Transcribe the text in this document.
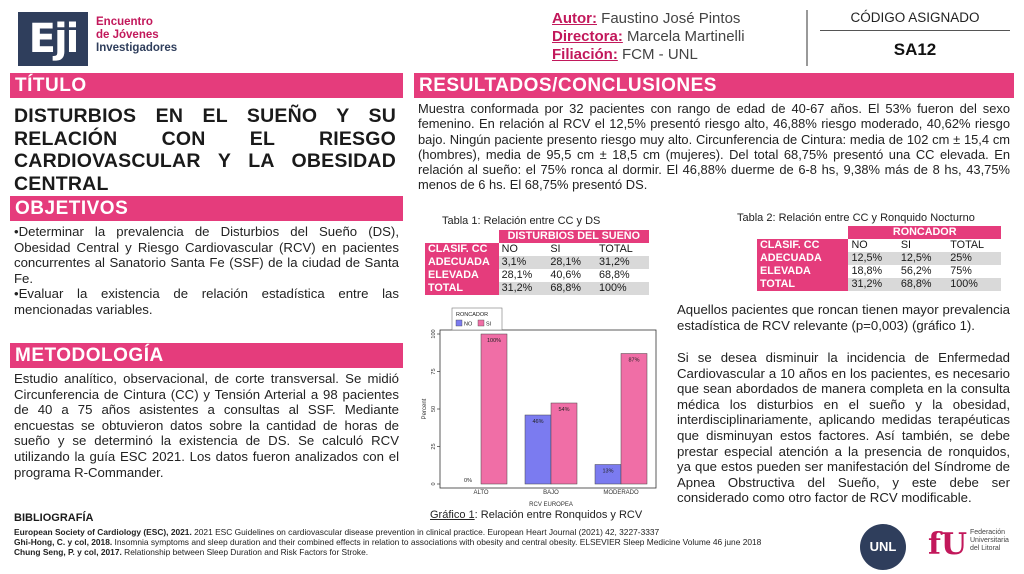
Eji	Encuentro
de Jóvenes
Investigadores
Autor: Faustino José Pintos
Directora: Marcela Martinelli
Filiación: FCM - UNL
CÓDIGO ASIGNADO
SA12
TÍTULO
DISTURBIOS EN EL SUEÑO Y SU RELACIÓN CON EL RIESGO CARDIOVASCULAR Y LA OBESIDAD CENTRAL
OBJETIVOS
•Determinar la prevalencia de Disturbios del Sueño (DS), Obesidad Central y Riesgo Cardiovascular (RCV) en pacientes concurrentes al Sanatorio Santa Fe (SSF) de la ciudad de Santa Fe.
•Evaluar la existencia de relación estadística entre las mencionadas variables.
METODOLOGÍA
Estudio analítico, observacional, de corte transversal. Se midió Circunferencia de Cintura (CC) y Tensión Arterial a 98 pacientes de 40 a 75 años asistentes a consultas al SSF. Mediante encuestas se obtuvieron datos sobre la cantidad de horas de sueño y se determinó la existencia de DS. Se calculó RCV utilizando la guía ESC 2021. Los datos fueron analizados con el programa R-Commander.
RESULTADOS/CONCLUSIONES
Muestra conformada por 32 pacientes con rango de edad de 40-67 años. El 53% fueron del sexo femenino. En relación al RCV el 12,5% presentó riesgo alto, 46,88% riesgo moderado, 40,62% riesgo bajo. Ningún paciente presento riesgo muy alto. Circunferencia de Cintura: media de 102 cm ± 15,4 cm (hombres), media de 95,5 cm ± 18,5 cm (mujeres). Del total 68,75% presentó una CC elevada. En relación al sueño: el 75% ronca al dormir. El 46,88% duerme de 6-8 hs, 9,38% más de 8 hs, 43,75% menos de 6 hs. El 68,75% presentó DS.
Tabla 1: Relación entre CC y DS
	DISTURBIOS DEL SUEÑO		
CLASIF. CC	NO	SI	TOTAL
ADECUADA	3,1%	28,1%	31,2%
ELEVADA	28,1%	40,6%	68,8%
TOTAL	31,2%	68,8%	100%
Tabla 2: Relación entre CC y Ronquido Nocturno
	RONCADOR		
CLASIF. CC	NO	SI	TOTAL
ADECUADA	12,5%	12,5%	25%
ELEVADA	18,8%	56,2%	75%
TOTAL	31,2%	68,8%	100%
Aquellos pacientes que roncan tienen mayor prevalencia estadística de RCV relevante (p=0,003) (gráfico 1).
Si se desea disminuir la incidencia de Enfermedad Cardiovascular a 10 años en los pacientes, es necesario que sean abordados de manera completa en la consulta médica los disturbios en el sueño y la obesidad, interdisciplinariamente, aplicando medidas terapéuticas que disminuyan estos factores. Así también, se debe prestar especial atención a la presencia de ronquidos, ya que estos pueden ser manifestación del Síndrome de Apnea Obstructiva del Sueño, y este debe ser considerado como otro factor de RCV modificable.
0
25
50
75
100
Percent
0%
100%
ALTO
46%
54%
BAJO
13%
87%
MODERADO
RCV EUROPEA
RONCADOR
NO	SI
Gráfico 1: Relación entre Ronquidos y RCV
BIBLIOGRAFÍA
European Society of Cardiology (ESC), 2021. 2021 ESC Guidelines on cardiovascular disease prevention in clinical practice. European Heart Journal (2021) 42, 3227-3337
Ghi-Hong, C. y col, 2018. Insomnia symptoms and sleep duration and their combined effects in relation to associations with obesity and central obesity. ELSEVIER Sleep Medicine Volume 46 june 2018
Chung Seng, P. y col, 2017. Relationship between Sleep Duration and Risk Factors for Stroke.	UNL	fU Federación
Universitaria
del Litoral
